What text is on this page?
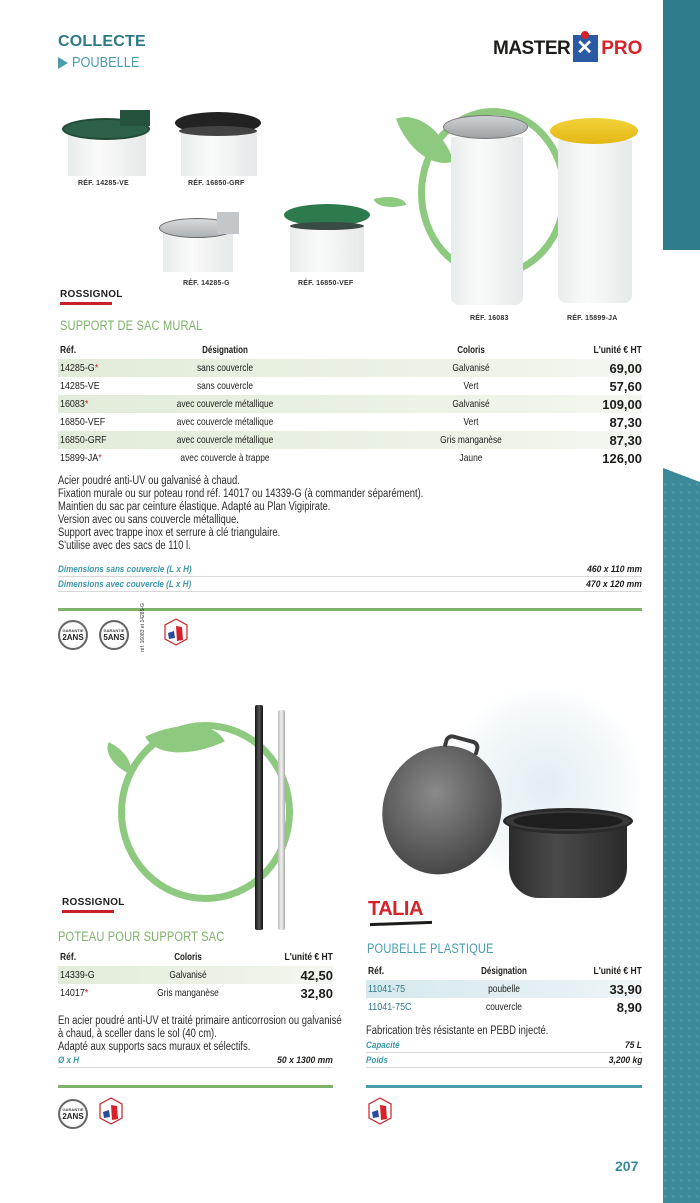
COLLECTE
POUBELLE
MASTER ✕ PRO
RÉF. 14285-VE	RÉF. 16850-GRF
RÉF. 14285-G	RÉF. 16850-VEF
RÉF. 16083	RÉF. 15899-JA
ROSSIGNOL
SUPPORT DE SAC MURAL
Réf.	Désignation	Coloris	L'unité € HT
14285-G*	sans couvercle	Galvanisé	69,00
14285-VE	sans couvercle	Vert	57,60
16083*	avec couvercle métallique	Galvanisé	109,00
16850-VEF	avec couvercle métallique	Vert	87,30
16850-GRF	avec couvercle métallique	Gris manganèse	87,30
15899-JA*	avec couvercle à trappe	Jaune	126,00
Acier poudré anti-UV ou galvanisé à chaud.
Fixation murale ou sur poteau rond réf. 14017 ou 14339-G (à commander séparément).
Maintien du sac par ceinture élastique. Adapté au Plan Vigipirate.
Version avec ou sans couvercle métallique.
Support avec trappe inox et serrure à clé triangulaire.
S'utilise avec des sacs de 110 l.
Dimensions sans couvercle (L x H)	460 x 110 mm
Dimensions avec couvercle (L x H)	470 x 120 mm
GARANTIE
2ANS
GARANTIE
5ANS	réf. 16083 et 14285-G
ROSSIGNOL
POTEAU POUR SUPPORT SAC
Réf.	Coloris	L'unité € HT
14339-G	Galvanisé	42,50
14017*	Gris manganèse	32,80
En acier poudré anti-UV et traité primaire anticorrosion ou galvanisé
à chaud, à sceller dans le sol (40 cm).
Adapté aux supports sacs muraux et sélectifs.
Ø x H	50 x 1300 mm
GARANTIE
2ANS
TALIA
POUBELLE PLASTIQUE
Réf.	Désignation	L'unité € HT
11041-75	poubelle	33,90
11041-75C	couvercle	8,90
Fabrication très résistante en PEBD injecté.
Capacité	75 L
Poids	3,200 kg
207
